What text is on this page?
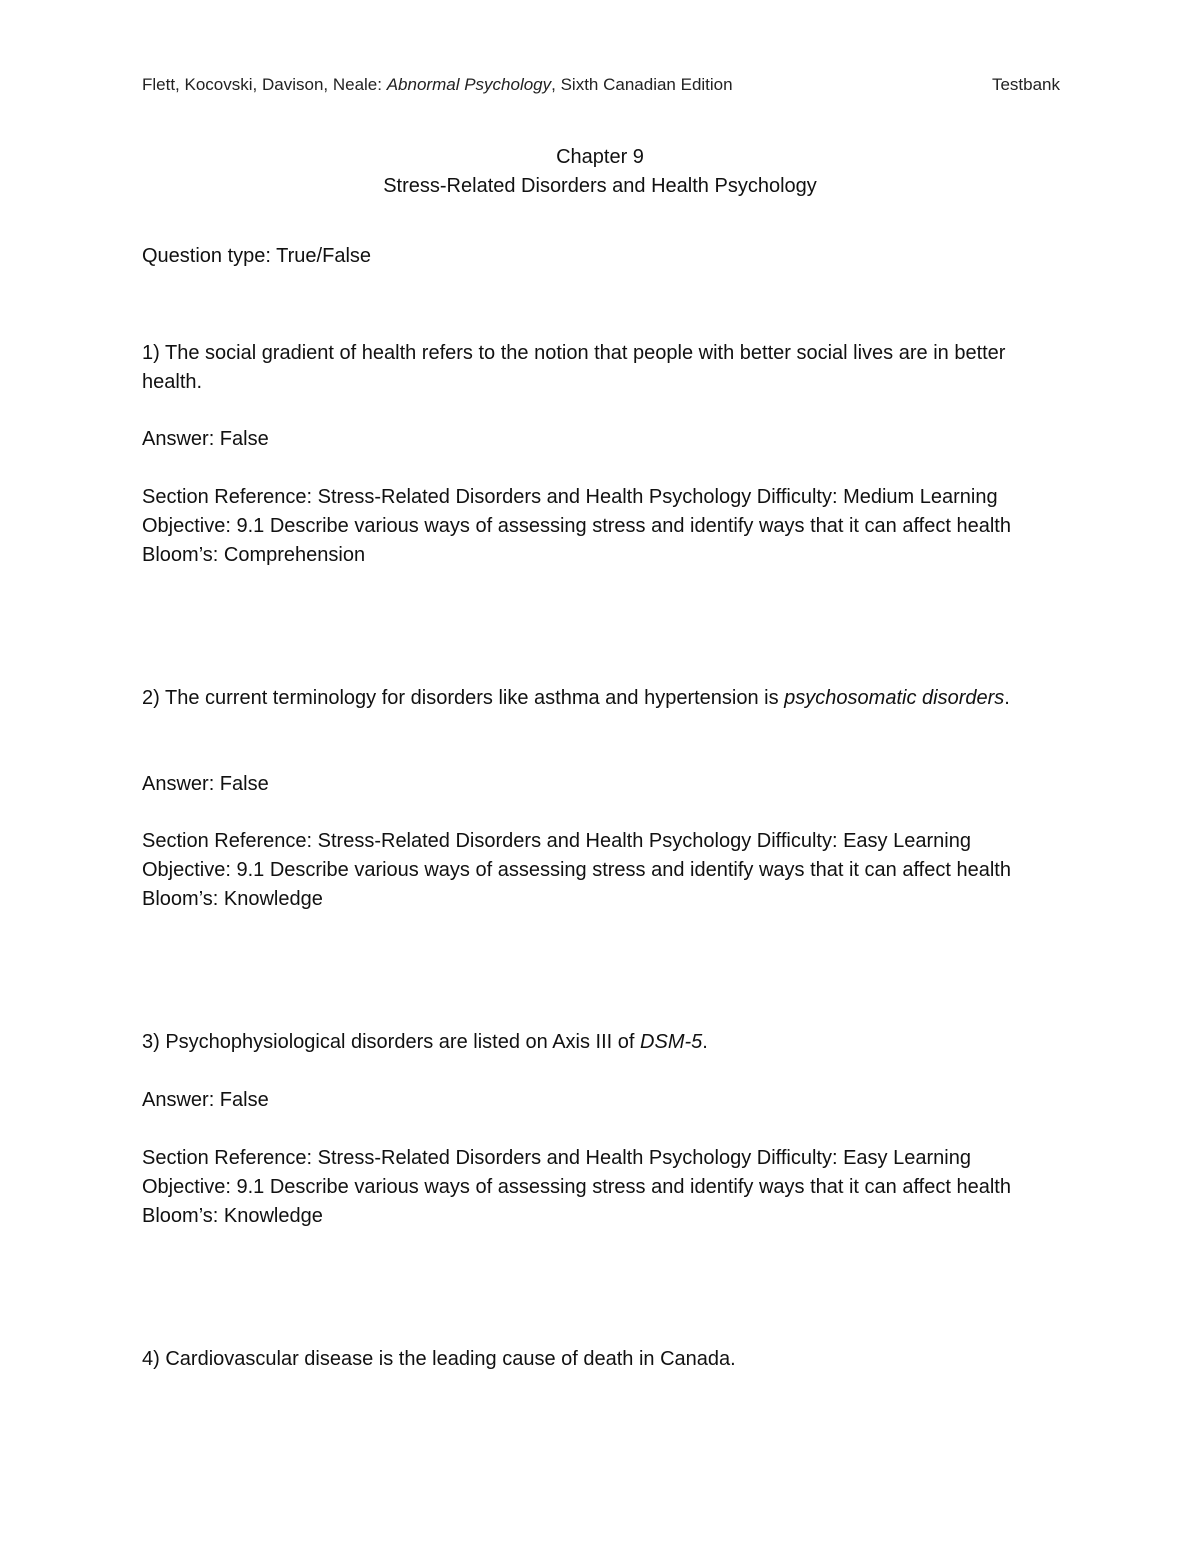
Flett, Kocovski, Davison, Neale: Abnormal Psychology, Sixth Canadian Edition	Testbank
Chapter 9
Stress-Related Disorders and Health Psychology
Question type: True/False
1) The social gradient of health refers to the notion that people with better social lives are in better health.
Answer: False
Section Reference: Stress-Related Disorders and Health Psychology Difficulty: Medium Learning Objective: 9.1 Describe various ways of assessing stress and identify ways that it can affect health Bloom’s: Comprehension
2) The current terminology for disorders like asthma and hypertension is psychosomatic disorders.
Answer: False
Section Reference: Stress-Related Disorders and Health Psychology Difficulty: Easy Learning Objective: 9.1 Describe various ways of assessing stress and identify ways that it can affect health Bloom’s: Knowledge
3) Psychophysiological disorders are listed on Axis III of DSM-5.
Answer: False
Section Reference: Stress-Related Disorders and Health Psychology Difficulty: Easy Learning Objective: 9.1 Describe various ways of assessing stress and identify ways that it can affect health Bloom’s: Knowledge
4) Cardiovascular disease is the leading cause of death in Canada.
